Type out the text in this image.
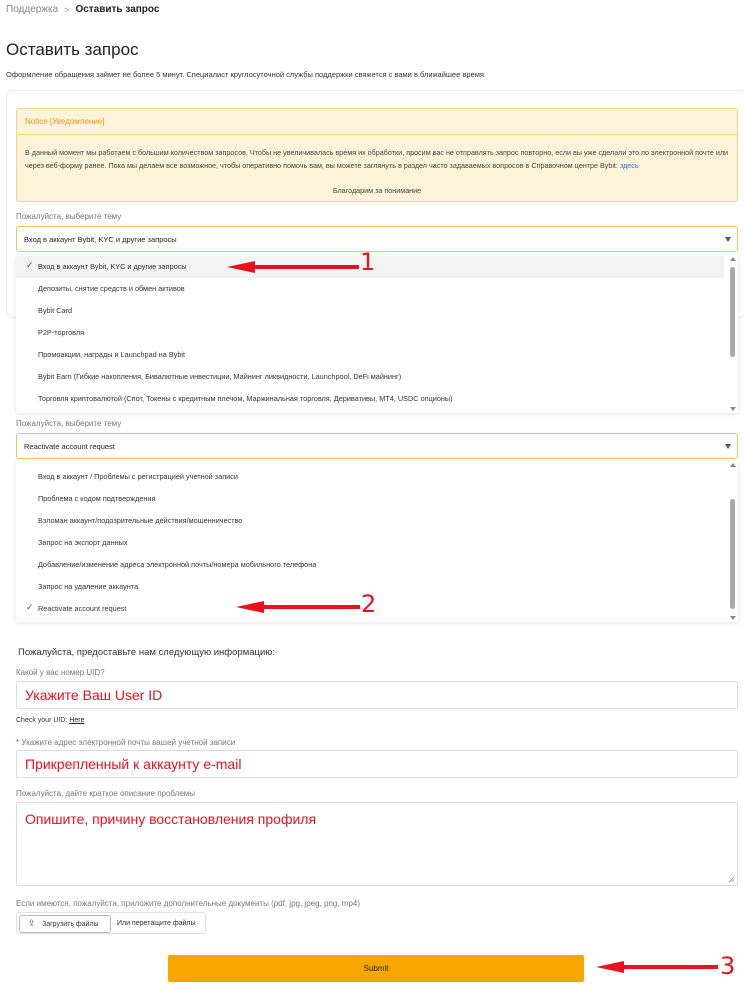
Поддержка > Оставить запрос
Оставить запрос
Оформление обращения займет не более 5 минут. Специалист круглосуточной службы поддержки свяжется с вами в ближайшее время.
Notice [Уведомление]
В данный момент мы работаем с большим количеством запросов. Чтобы не увеличивалась время их обработки, просим вас не отправлять запрос повторно, если вы уже сделали это по электронной почте или через веб-форму ранее. Пока мы делаем все возможное, чтобы оперативно помочь вам, вы можете заглянуть в раздел часто задаваемых вопросов в Справочном центре Bybit: здесь
Благодарим за понимание
Пожалуйста, выберите тему
Вход в аккаунт Bybit, KYC и другие запросы
✓ Вход в аккаунт Bybit, KYC и другие запросы
Депозиты, снятие средств и обмен активов
Bybit Card
P2P-торговля
Промоакции, награды и Launchpad на Bybit
Bybit Earn (Гибкие накопления, Бивалютные инвестиции, Майнинг ликвидности, Launchpool, DeFi майнинг)
Торговля криптовалютой (Спот, Токены с кредитным плечом, Маржинальная торговля, Деривативы, MT4, USDC опционы)
Пожалуйста, выберите тему
Reactivate account request
Вход в аккаунт / Проблемы с регистрацией учетной записи
Проблема с кодом подтверждения
Взломан аккаунт/подозрительные действия/мошенничество
Запрос на экспорт данных
Добавление/изменение адреса электронной почты/номера мобильного телефона
Запрос на удаление аккаунта
✓ Reactivate account request
Пожалуйста, предоставьте нам следующую информацию:
Какой у вас номер UID?
Укажите Ваш User ID
Check your UID: Here
* Укажите адрес электронной почты вашей учетной записи
Прикрепленный к аккаунту e-mail
Пожалуйста, дайте краткое описание проблемы
Опишите, причину восстановления профиля
Если имеются, пожалуйста, приложите дополнительные документы (pdf, jpg, jpeg, png, mp4)
⇪ Загрузить файлы	Или перетащите файлы
Submit
1
2
3
